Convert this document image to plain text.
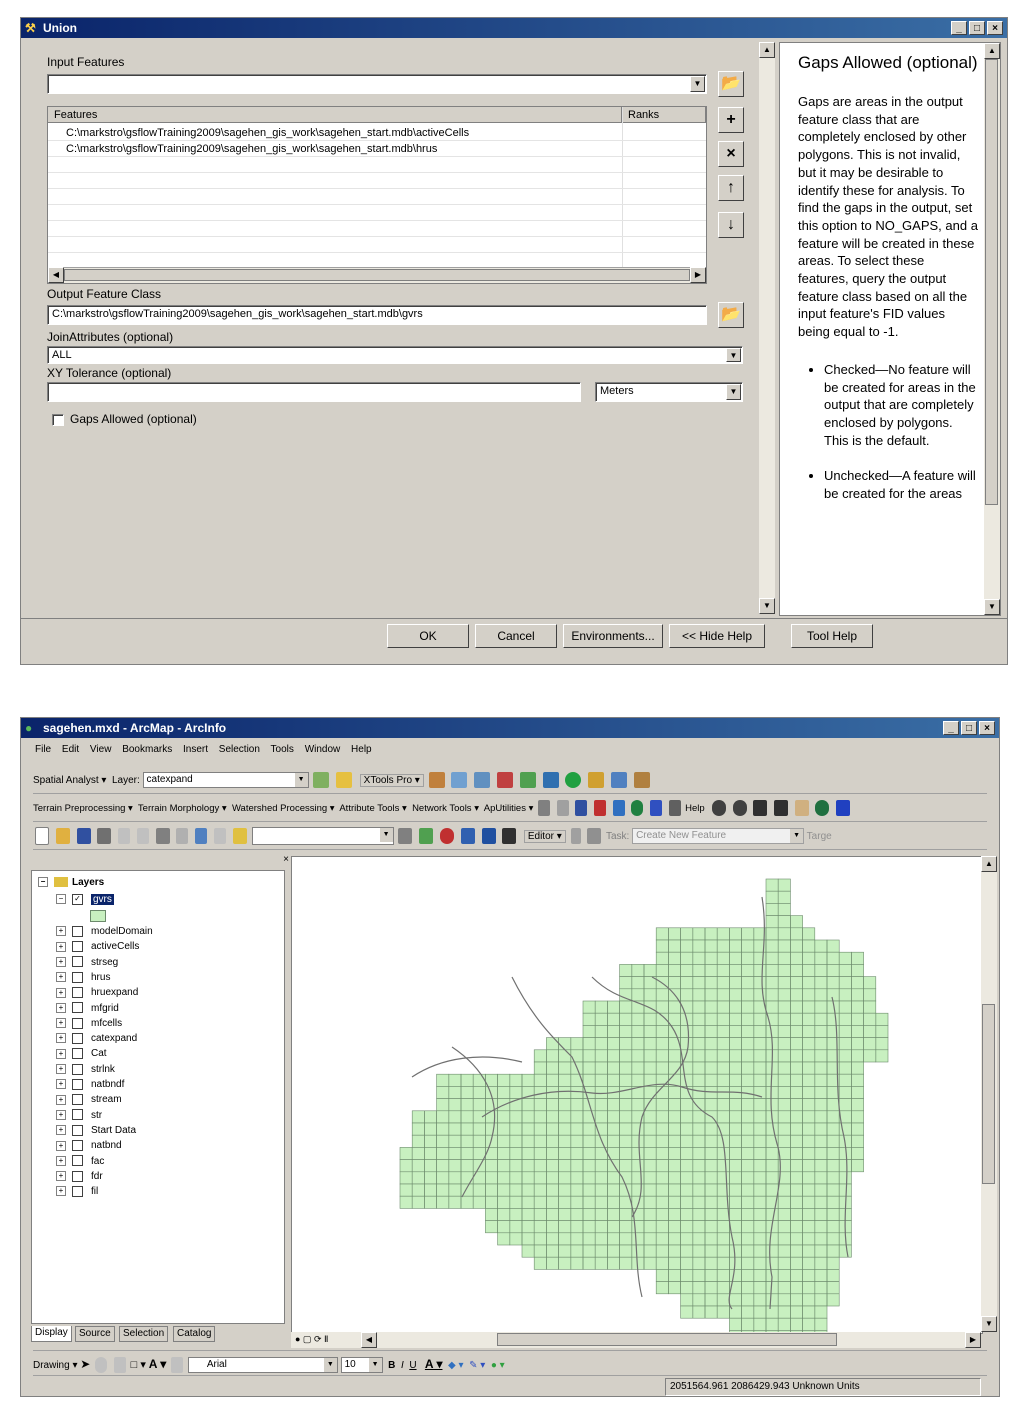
⚒ Union	_	□	×
Input Features
▼ 📂
Features	Ranks
C:\markstro\gsflowTraining2009\sagehen_gis_work\sagehen_start.mdb\activeCells
C:\markstro\gsflowTraining2009\sagehen_gis_work\sagehen_start.mdb\hrus
◀	▶
+
×
↑
↓
Output Feature Class
C:\markstro\gsflowTraining2009\sagehen_gis_work\sagehen_start.mdb\gvrs	📂
JoinAttributes (optional)
ALL	▼
XY Tolerance (optional)
Meters	▼
Gaps Allowed (optional)
▲
▼
Gaps Allowed (optional)

Gaps are areas in the output feature class that are completely enclosed by other polygons. This is not invalid, but it may be desirable to identify these for analysis. To find the gaps in the output, set this option to NO_GAPS, and a feature will be created in these areas. To select these features, query the output feature class based on all the input feature's FID values being equal to -1.

• Checked—No feature will be created for areas in the output that are completely enclosed by polygons. This is the default.
• Unchecked—A feature will be created for the areas
▲
▼
OK	Cancel	Environments...	<< Hide Help	Tool Help
● sagehen.mxd - ArcMap - ArcInfo	_	□	×
File Edit View Bookmarks Insert Selection Tools Window Help
Spatial Analyst ▾ Layer: catexpand	▼	XTools Pro ▾
Terrain Preprocessing ▾ Terrain Morphology ▾ Watershed Processing ▾ Attribute Tools ▾ Network Tools ▾ ApUtilities ▾	Help

▼	Editor ▾	Task: Create New Feature	▼ Targe
×
−	Layers
− ✓ gvrs
+	modelDomain
+	activeCells
+	strseg
+	hrus
+	hruexpand
+	mfgrid
+	mfcells
+	catexpand
+	Cat
+	strlnk
+	natbndf
+	stream
+	str
+	Start Data
+	natbnd
+	fac
+	fdr
+	fil
Display	Source	Selection	Catalog
▲
▼
● ▢ ⟳ Ⅱ	◀	▶
Drawing ▾ ➤	□ ▾ A ▾	Arial	▼	10	▼ B I U A ▾ ◆ ▾ ✎ ▾ ● ▾
2051564.961 2086429.943 Unknown Units
